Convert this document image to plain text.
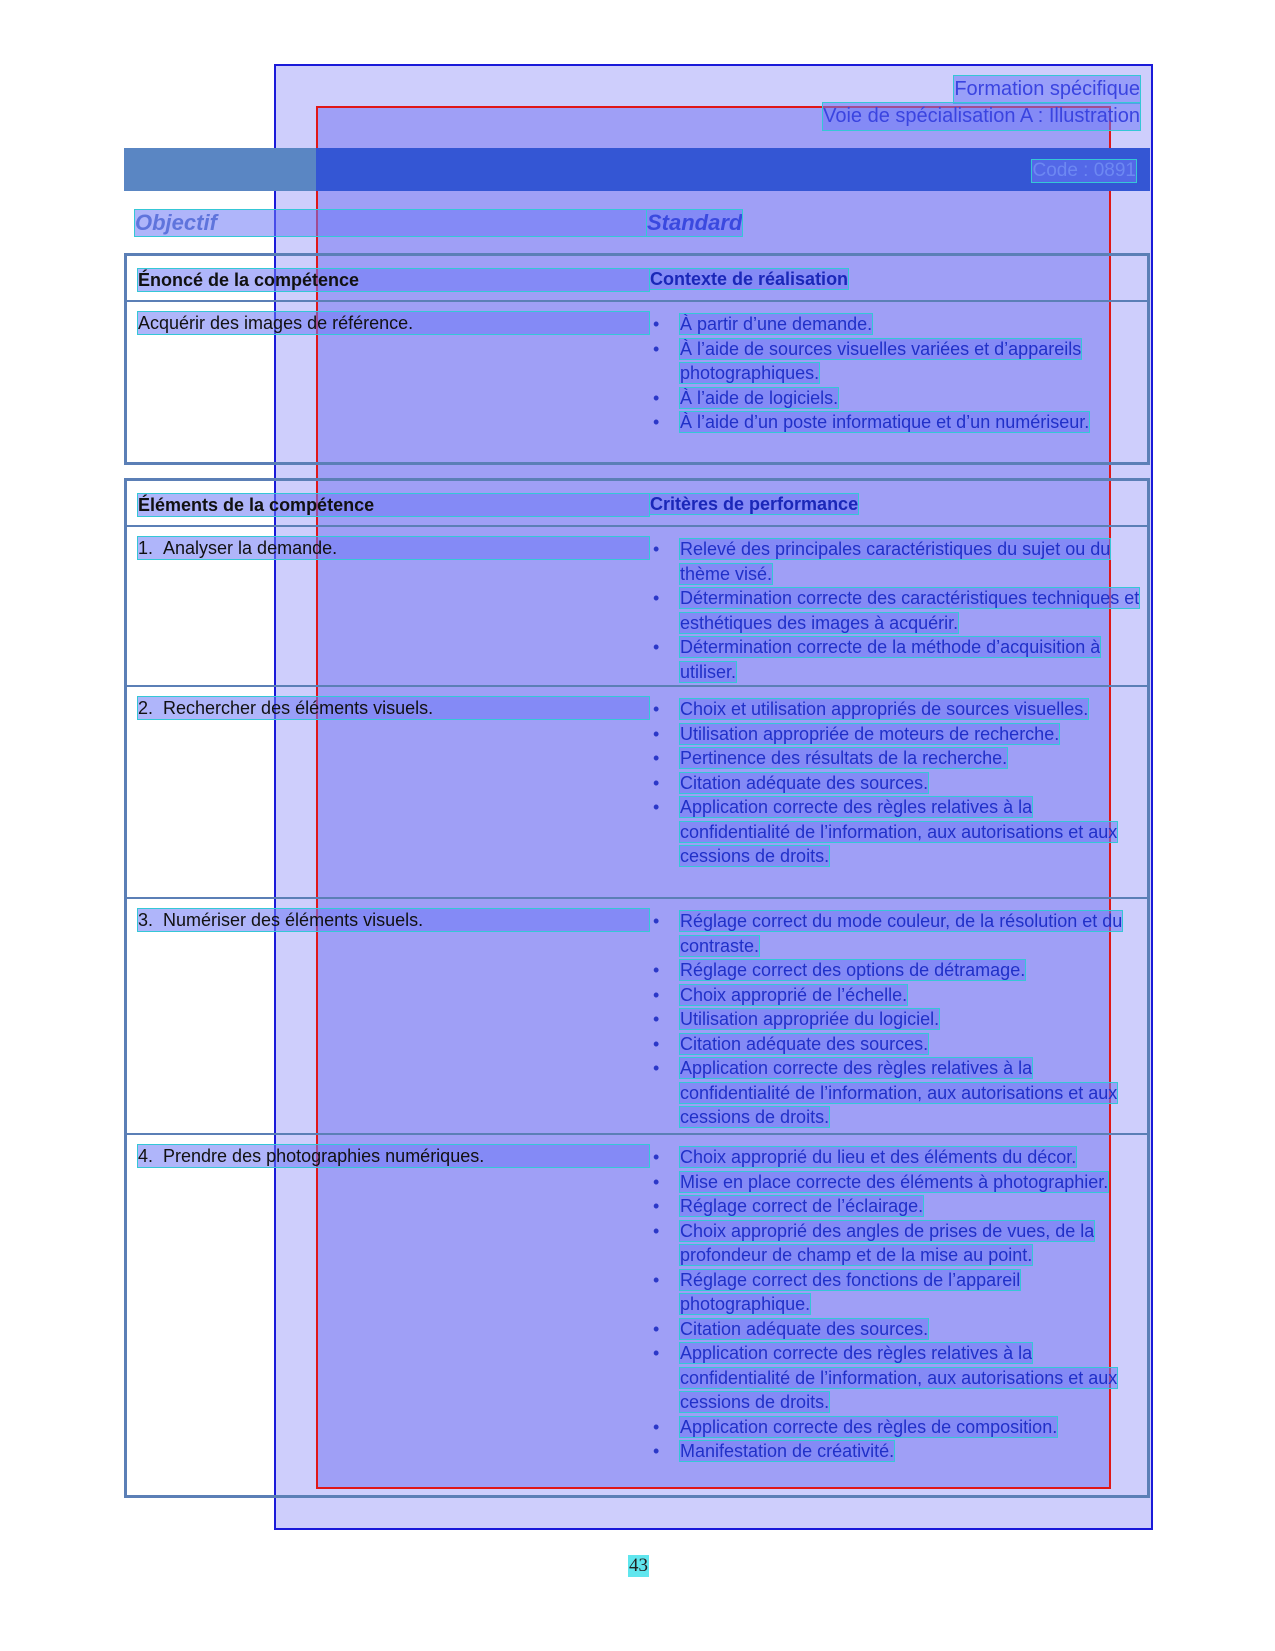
Formation spécifique
Voie de spécialisation A : Illustration
Code : 0891
Objectif	Standard
Énoncé de la compétence	Contexte de réalisation
Acquérir des images de référence.	• À partir d’une demande.
• À l’aide de sources visuelles variées et d’appareils photographiques.
• À l’aide de logiciels.
• À l’aide d’un poste informatique et d’un numériseur.
Éléments de la compétence	Critères de performance
1.  Analyser la demande.	• Relevé des principales caractéristiques du sujet ou du thème visé.
• Détermination correcte des caractéristiques techniques et esthétiques des images à acquérir.
• Détermination correcte de la méthode d’acquisition à utiliser.
2.  Rechercher des éléments visuels.	• Choix et utilisation appropriés de sources visuelles.
• Utilisation appropriée de moteurs de recherche.
• Pertinence des résultats de la recherche.
• Citation adéquate des sources.
• Application correcte des règles relatives à la confidentialité de l’information, aux autorisations et aux cessions de droits.
3.  Numériser des éléments visuels.	• Réglage correct du mode couleur, de la résolution et du contraste.
• Réglage correct des options de détramage.
• Choix approprié de l’échelle.
• Utilisation appropriée du logiciel.
• Citation adéquate des sources.
• Application correcte des règles relatives à la confidentialité de l’information, aux autorisations et aux cessions de droits.
4.  Prendre des photographies numériques.	• Choix approprié du lieu et des éléments du décor.
• Mise en place correcte des éléments à photographier.
• Réglage correct de l’éclairage.
• Choix approprié des angles de prises de vues, de la profondeur de champ et de la mise au point.
• Réglage correct des fonctions de l’appareil photographique.
• Citation adéquate des sources.
• Application correcte des règles relatives à la confidentialité de l’information, aux autorisations et aux cessions de droits.
• Application correcte des règles de composition.
• Manifestation de créativité.
43
